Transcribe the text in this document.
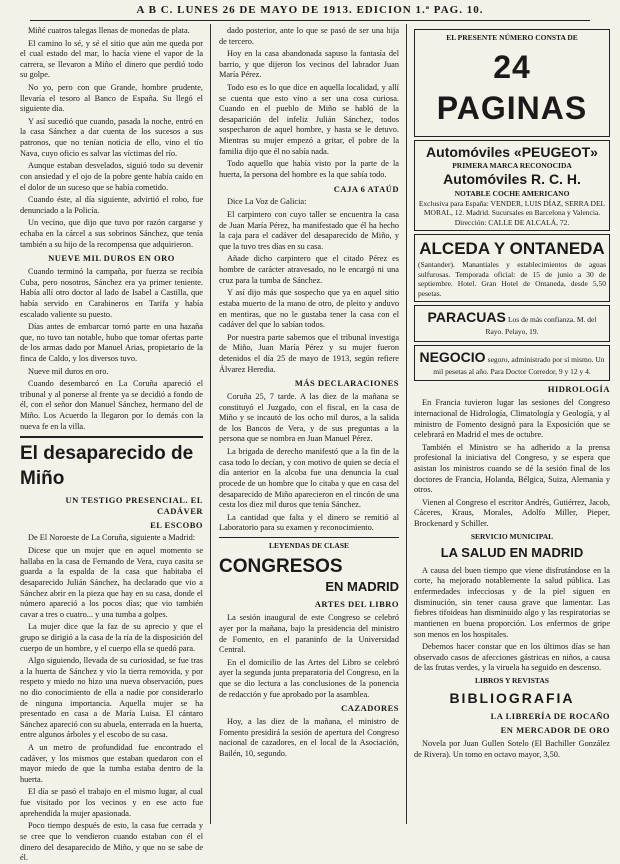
A B C. LUNES 26 DE MAYO DE 1913. EDICION 1.ª PAG. 10.

Miñé cuatros talegas llenas de monedas de plata.

El camino lo sé, y sé el sitio que aún me queda por el cual estado del mar, lo hacía viene el vapor de la carrera, se llevaron a Miño el dinero que perdió todo su golpe.

No yo, pero con que Grande, hombre prudente, llevaría el tesoro al Banco de España. Su llegó el siguiente día.

Y así sucedió que cuando, pasada la noche, entró en la casa Sánchez a dar cuenta de los sucesos a sus patronos, que no tenían noticia de ello, vino el tío Nava, cuyo oficio es salvar las víctimas del río.

Aunque estaban desvelados, siguió todo su devenir con ansiedad y el ojo de la pobre gente había caído en el dolor de un suceso que se había cometido.

Cuando éste, al día siguiente, advirtió el robo, fue denunciado a la Policía.

Un vecino, que dijo que tuvo por razón cargarse y echaba en la cárcel a sus sobrinos Sánchez, que tenía también a su hijo de la recompensa que adquirieron.

NUEVE MIL DUROS EN ORO

Cuando terminó la campaña, por fuerza se recibía Cuba, pero nosotros, Sánchez era ya primer teniente. Había allí otro doctor al lado de Isabel a Castilla, que había servido en Carabineros en Tarifa y había escalado valiente su puesto.

Días antes de embarcar tornó parte en una hazaña que, no tuvo tan notable, hubo que tomar ofertas parte de los armas dado por Manuel Arias, propietario de la finca de Caldo, y los diversos tuvo.

Nueve mil duros en oro.

Cuando desembarcó en La Coruña apareció el tribunal y al ponerse al frente ya se decidió a fondo de él, con el señor don Manuel Sánchez, hermano del de Miño. Los Acuerdo la llegaron por lo demás con la nueva fe en la villa.

El desaparecido de Miño
UN TESTIGO PRESENCIAL. EL CADÁVER
EL ESCOBO

De El Noroeste de La Coruña, siguiente a Madrid:

Dicese que un mujer que en aquel momento se hallaba en la casa de Fernando de Vera, cuya casita se guarda a la espalda de la casa que habitaba el desaparecido Julián Sánchez, ha declarado que vio a Sánchez abrir en la pieza que hay en su casa, donde el número apareció a los pocos días; que vio también cavar a tres o cuatro... y una tumba a golpes.

La mujer dice que la faz de su aprecio y que el grupo se dirigió a la casa de la ría de la disposición del cuerpo de un hombre, y el cuerpo ella se quedó para.

Algo siguiendo, llevada de su curiosidad, se fue tras a la huerta de Sánchez y vio la tierra removida, y por respeto y miedo no hizo una nueva observación, pues no dio conocimiento de ella a nadie por considerarlo de ninguna importancia. Aquella mujer se ha presentado en casa a de María Luisa. El cántaro Sánchez apareció con su abuela, enterrada en la huerta, entre algunos árboles y el escobo de su casa.

A un metro de profundidad fue encontrado el cadáver, y los mismos que estaban quedaron con el mayor miedo de que la tumba estaba dentro de la huerta.

El día se pasó el trabajo en el mismo lugar, al cual fue visitado por los vecinos y en ese acto fue aprehendida la mujer apasionada.

Poco tiempo después de esto, la casa fue cerrada y se cree que lo vendieron cuando estaban con él el dinero del desaparecido de Miño, y que no se sabe de él.

dado posterior, ante lo que se pasó de ser una hija de tercero.

Hoy en la casa abandonada sapuso la fantasía del barrio, y que dijeron los vecinos del labrador Juan María Pérez.

Todo eso es lo que dice en aquella localidad, y allí se cuenta que esto vino a ser una cosa curiosa. Cuando en el pueblo de Miño se habló de la desaparición del infeliz Julián Sánchez, todos sospecharon de aquel hombre, y hasta se le detuvo. Mientras su mujer empezó a gritar, el pobre de la familia dijo que él no sabía nada.

Todo aquello que había visto por la parte de la huerta, la persona del hombre es la que sabía todo.

CAJA 6 ATAÚD

Dice La Voz de Galicia:

El carpintero con cuyo taller se encuentra la casa de Juan María Pérez, ha manifestado que él ha hecho la caja para el cadáver del desaparecido de Miño, y que la tuvo tres días en su casa.

Añade dicho carpintero que el citado Pérez es hombre de carácter atravesado, no le encargó ni una cruz para la tumba de Sánchez.

Y así dijo más que sospecho que ya en aquel sitio estaba muerto de la mano de otro, de pleito y anduvo en mentiras, que no le gustaba tener la casa con el cadáver del que lo sabían todos.

Por nuestra parte sabemos que el tribunal investiga de Miño, Juan María Pérez y su mujer fueron detenidos el día 25 de mayo de 1913, según refiere Álvarez Heredia.

MÁS DECLARACIONES

Coruña 25, 7 tarde. A las diez de la mañana se constituyó el Juzgado, con el fiscal, en la casa de Miño y se incautó de los ocho mil duros, a la salida de los Bancos de Vera, y de sus preguntas a la persona que se nombra en Juan Manuel Pérez.

La brigada de derecho manifestó que a la fin de la casa todo lo decían, y con motivo de quien se decía el día anterior en la alcoba fue una denuncia la cual procede de un hombre que lo citaba y que en casa del desaparecido de Miño aparecieron en el rincón de una cesta los diez mil duros que tenía Sánchez.

La cantidad que falta y el dinero se remitió al Laboratorio para su examen y reconocimiento.

LEYENDAS DE CLASE
CONGRESOS
EN MADRID
ARTES DEL LIBRO

La sesión inaugural de este Congreso se celebró ayer por la mañana, bajo la presidencia del ministro de Fomento, en el paraninfo de la Universidad Central.

En el domicilio de las Artes del Libro se celebró ayer la segunda junta preparatoria del Congreso, en la que se dio lectura a las conclusiones de la ponencia de redacción y fue aprobado por la asamblea.

CAZADORES

Hoy, a las diez de la mañana, el ministro de Fomento presidirá la sesión de apertura del Congreso nacional de cazadores, en el local de la Asociación, Bailén, 10, segundo.

EL PRESENTE NÚMERO CONSTA DE
24 PAGINAS
Automóviles «PEUGEOT»
PRIMERA MARCA RECONOCIDA
Automóviles R. C. H.
NOTABLE COCHE AMERICANO
Exclusiva para España: VENDER, LUIS DÍAZ, SERRA DEL MORAL, 12. Madrid. Sucursales en Barcelona y Valencia. Dirección: CALLE DE ALCALÁ, 72.
ALCEDA Y ONTANEDA
(Santander). Manantiales y establecimientos de aguas sulfurosas. Temporada oficial: de 15 de junio a 30 de septiembre. Hotel. Gran Hotel de Ontaneda, desde 5,50 pesetas.
PARACUAS Los de más confianza. M. del Rayo. Pelayo, 19.
NEGOCIO seguro, administrado por sí mismo. Un mil pesetas al año. Para Doctor Corredor, 9 y 12 y 4.
HIDROLOGÍA

En Francia tuvieron lugar las sesiones del Congreso internacional de Hidrología, Climatología y Geología, y al ministro de Fomento designó para la Exposición que se celebrará en Madrid el mes de octubre.

También el Ministro se ha adherido a la prensa profesional la iniciativa del Congreso, y se espera que asistan los ministros cuando se dé la sesión final de los doctores de Francia, Holanda, Bélgica, Suiza, Alemania y otros.

Vienen al Congreso el escritor Andrés, Gutiérrez, Jacob, Cáceres, Kraus, Morales, Adolfo Miller, Pieper, Brockenard y Schiller.

SERVICIO MUNICIPAL
LA SALUD EN MADRID

A causa del buen tiempo que viene disfrutándose en la corte, ha mejorado notablemente la salud pública. Las enfermedades infecciosas y de la piel siguen en disminución, sin tener causa grave que lamentar. Las fiebres tifoideas han disminuido algo y las respiratorias se mantienen en buena proporción. Los enfermos de gripe son menos en los hospitales.

Debemos hacer constar que en los últimos días se han observado casos de afecciones gástricas en niños, a causa de las frutas verdes, y la viruela ha seguido en descenso.

LIBROS Y REVISTAS
BIBLIOGRAFIA
LA LIBRERÍA DE ROCAÑO
EN MERCADOR DE ORO

Novela por Juan Gullen Sotelo (El Bachiller González de Rivera). Un tomo en octavo mayor, 3,50.
